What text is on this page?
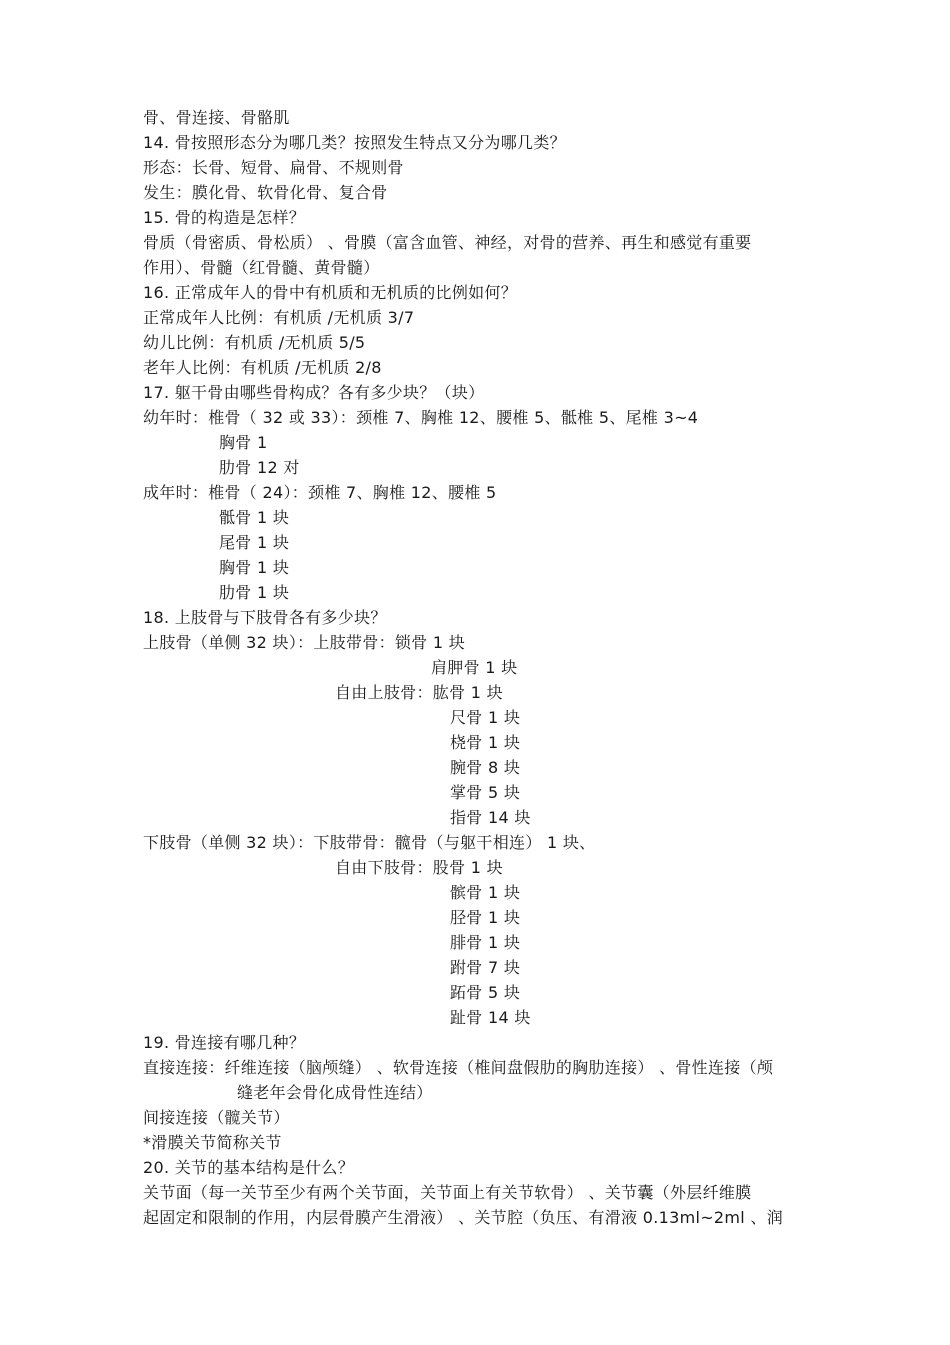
骨、骨连接、骨骼肌
14. 骨按照形态分为哪几类？按照发生特点又分为哪几类？
形态：长骨、短骨、扁骨、不规则骨
发生：膜化骨、软骨化骨、复合骨
15. 骨的构造是怎样？
骨质（骨密质、骨松质） 、骨膜（富含血管、神经，对骨的营养、再生和感觉有重要
作用）、骨髓（红骨髓、黄骨髓）
16. 正常成年人的骨中有机质和无机质的比例如何？
正常成年人比例：有机质 /无机质 3/7
幼儿比例：有机质 /无机质 5/5
老年人比例：有机质 /无机质 2/8
17. 躯干骨由哪些骨构成？各有多少块？（块）
幼年时：椎骨（ 32 或 33）：颈椎 7、胸椎 12、腰椎 5、骶椎 5、尾椎 3~4
胸骨 1
肋骨 12 对
成年时：椎骨（ 24）：颈椎 7、胸椎 12、腰椎 5
骶骨 1 块
尾骨 1 块
胸骨 1 块
肋骨 1 块
18. 上肢骨与下肢骨各有多少块？
上肢骨（单侧 32 块）：上肢带骨：锁骨 1 块
肩胛骨 1 块
自由上肢骨：肱骨 1 块
尺骨 1 块
桡骨 1 块
腕骨 8 块
掌骨 5 块
指骨 14 块
下肢骨（单侧 32 块）：下肢带骨：髋骨（与躯干相连） 1 块、
自由下肢骨：股骨 1 块
髌骨 1 块
胫骨 1 块
腓骨 1 块
跗骨 7 块
跖骨 5 块
趾骨 14 块
19. 骨连接有哪几种？
直接连接：纤维连接（脑颅缝） 、软骨连接（椎间盘假肋的胸肋连接） 、骨性连接（颅
缝老年会骨化成骨性连结）
间接连接（髋关节）
*滑膜关节简称关节
20. 关节的基本结构是什么？
关节面（每一关节至少有两个关节面，关节面上有关节软骨） 、关节囊（外层纤维膜
起固定和限制的作用，内层骨膜产生滑液） 、关节腔（负压、有滑液 0.13ml~2ml 、润
